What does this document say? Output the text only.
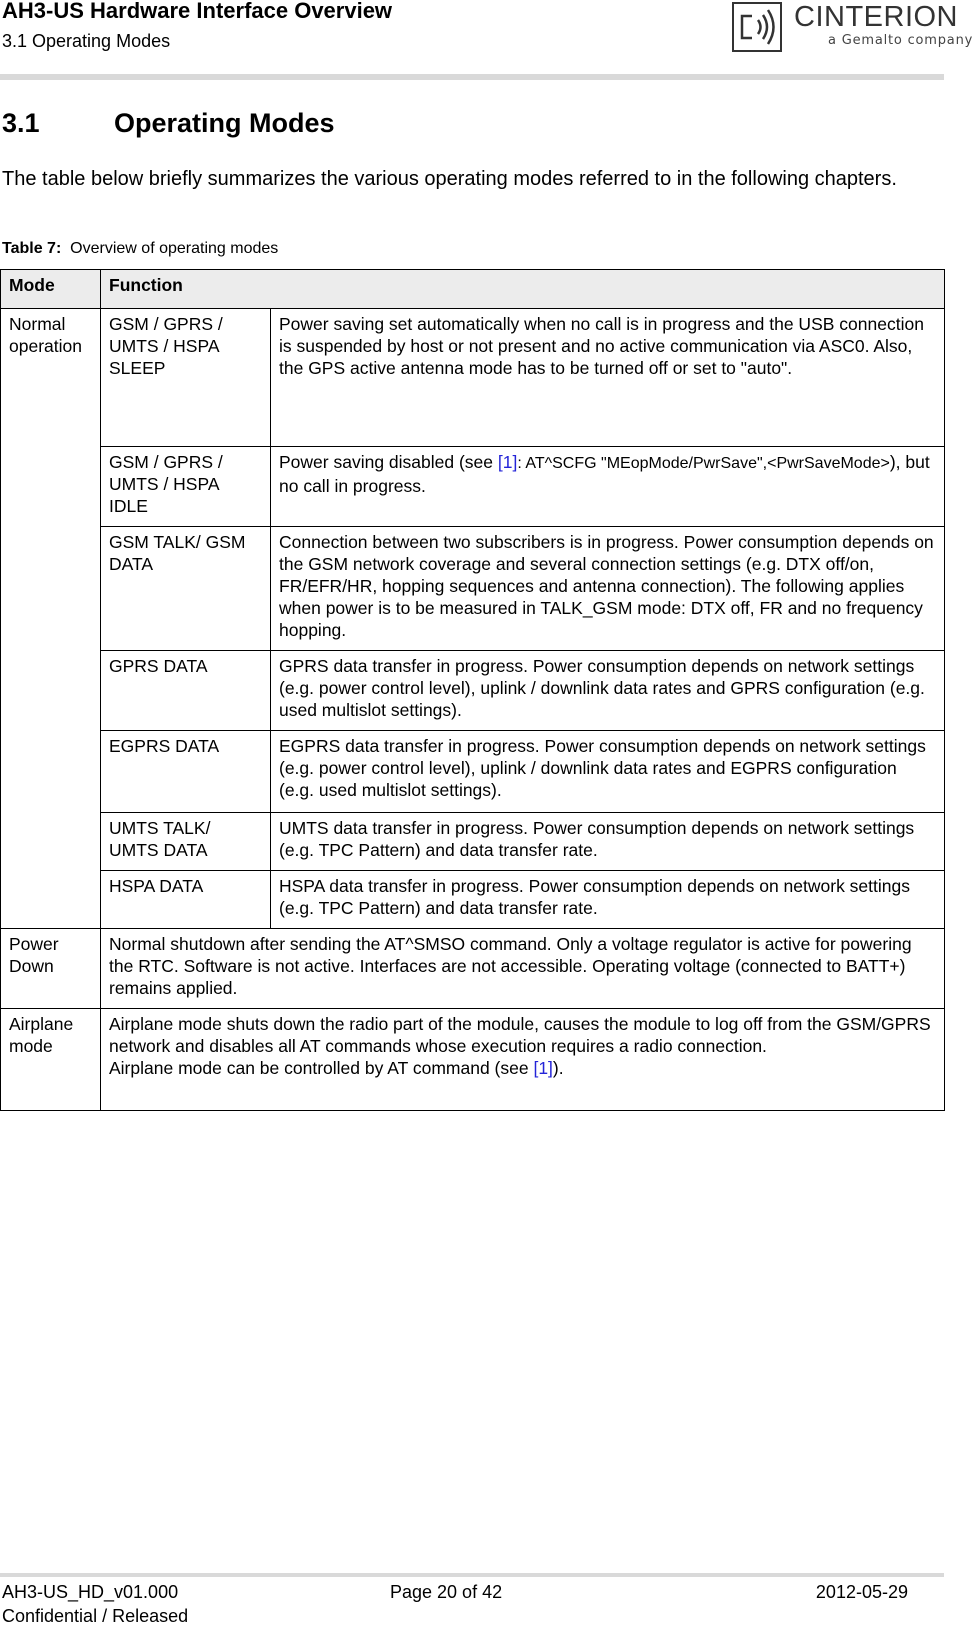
AH3-US Hardware Interface Overview
3.1 Operating Modes
CINTERION
a Gemalto company
3.1	Operating Modes

The table below briefly summarizes the various operating modes referred to in the following chapters.

Table 7: Overview of operating modes
Mode	Function	
Normal operation	GSM / GPRS / UMTS / HSPA SLEEP	Power saving set automatically when no call is in progress and the USB connection is suspended by host or not present and no active communication via ASC0. Also, the GPS active antenna mode has to be turned off or set to "auto".
	GSM / GPRS / UMTS / HSPA IDLE	Power saving disabled (see [1]: AT^SCFG "MEopMode/PwrSave",<PwrSaveMode>), but no call in progress.
	GSM TALK/ GSM DATA	Connection between two subscribers is in progress. Power consumption depends on the GSM network coverage and several connection settings (e.g. DTX off/on, FR/EFR/HR, hopping sequences and antenna connection). The following applies when power is to be measured in TALK_GSM mode: DTX off, FR and no frequency hopping.
	GPRS DATA	GPRS data transfer in progress. Power consumption depends on network settings (e.g. power control level), uplink / downlink data rates and GPRS configuration (e.g. used multislot settings).
	EGPRS DATA	EGPRS data transfer in progress. Power consumption depends on network settings (e.g. power control level), uplink / downlink data rates and EGPRS configuration (e.g. used multislot settings).
	UMTS TALK/ UMTS DATA	UMTS data transfer in progress. Power consumption depends on network settings (e.g. TPC Pattern) and data transfer rate.
	HSPA DATA	HSPA data transfer in progress. Power consumption depends on network settings (e.g. TPC Pattern) and data transfer rate.
Power Down	Normal shutdown after sending the AT^SMSO command. Only a voltage regulator is active for powering the RTC. Software is not active. Interfaces are not accessible. Operating voltage (connected to BATT+) remains applied.	
Airplane mode	Airplane mode shuts down the radio part of the module, causes the module to log off from the GSM/GPRS network and disables all AT commands whose execution requires a radio connection.
Airplane mode can be controlled by AT command (see [1]).	
AH3-US_HD_v01.000
Confidential / Released
Page 20 of 42	2012-05-29
